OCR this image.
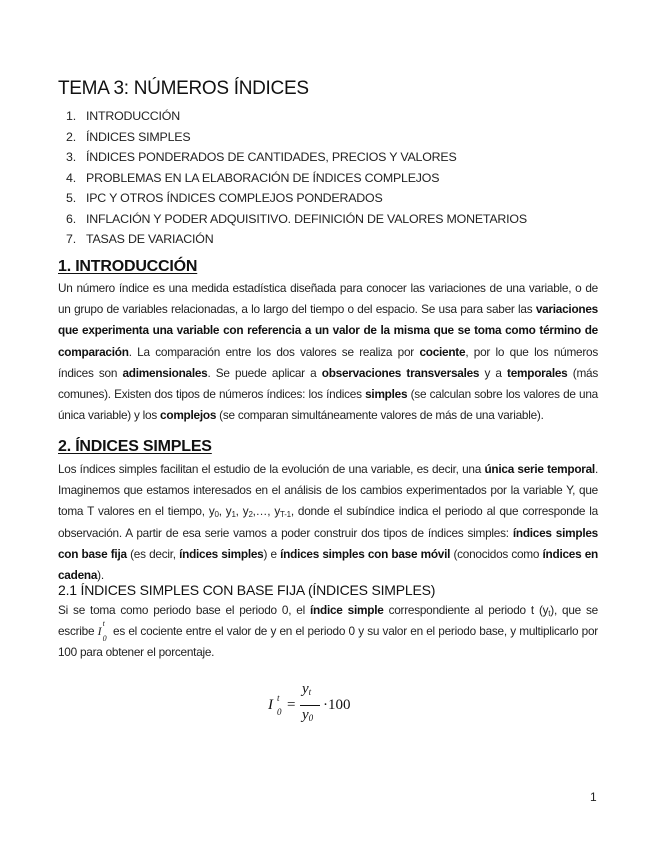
TEMA 3: NÚMEROS ÍNDICES
1. INTRODUCCIÓN
2. ÍNDICES SIMPLES
3. ÍNDICES PONDERADOS DE CANTIDADES, PRECIOS Y VALORES
4. PROBLEMAS EN LA ELABORACIÓN DE ÍNDICES COMPLEJOS
5. IPC Y OTROS ÍNDICES COMPLEJOS PONDERADOS
6. INFLACIÓN Y PODER ADQUISITIVO. DEFINICIÓN DE VALORES MONETARIOS
7. TASAS DE VARIACIÓN
1. INTRODUCCIÓN

Un número índice es una medida estadística diseñada para conocer las variaciones de una variable, o de un grupo de variables relacionadas, a lo largo del tiempo o del espacio. Se usa para saber las variaciones que experimenta una variable con referencia a un valor de la misma que se toma como término de comparación. La comparación entre los dos valores se realiza por cociente, por lo que los números índices son adimensionales. Se puede aplicar a observaciones transversales y a temporales (más comunes). Existen dos tipos de números índices: los índices simples (se calculan sobre los valores de una única variable) y los complejos (se comparan simultáneamente valores de más de una variable).

2. ÍNDICES SIMPLES

Los índices simples facilitan el estudio de la evolución de una variable, es decir, una única serie temporal. Imaginemos que estamos interesados en el análisis de los cambios experimentados por la variable Y, que toma T valores en el tiempo, $y_0$, $y_1$, $y_2,\dots$, $y_{T-1}$, donde el subíndice indica el periodo al que corresponde la observación. A partir de esa serie vamos a poder construir dos tipos de índices simples: índices simples con base fija (es decir, índices simples) e índices simples con base móvil (conocidos como índices en cadena).

2.1 ÍNDICES SIMPLES CON BASE FIJA (ÍNDICES SIMPLES)

Si se toma como periodo base el periodo 0, el índice simple correspondiente al periodo t $(y_t)$, que se escribe I
t
0
es el cociente entre el valor de y en el periodo 0 y su valor en el periodo base, y multiplicarlo por 100 para obtener el porcentaje.

I t
0 =
$y_t$
$y_0$
·100
1
